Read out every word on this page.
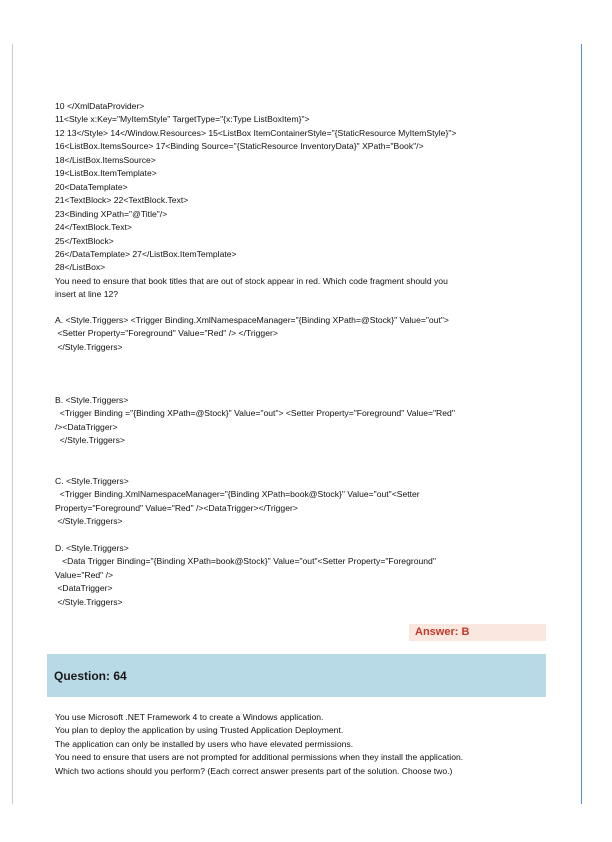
10 </XmlDataProvider>
11<Style x:Key="MyItemStyle" TargetType="{x:Type ListBoxItem}">
12 13</Style> 14</Window.Resources> 15<ListBox ItemContainerStyle="{StaticResource MyItemStyle}">
16<ListBox.ItemsSource> 17<Binding Source="{StaticResource InventoryData}" XPath="Book"/>
18</ListBox.ItemsSource>
19<ListBox.ItemTemplate>
20<DataTemplate>
21<TextBlock> 22<TextBlock.Text>
23<Binding XPath="@Title"/>
24</TextBlock.Text>
25</TextBlock>
26</DataTemplate> 27</ListBox.ItemTemplate>
28</ListBox>
You need to ensure that book titles that are out of stock appear in red. Which code fragment should you
insert at line 12?
A. <Style.Triggers> <Trigger Binding.XmlNamespaceManager="{Binding XPath=@Stock}" Value="out">
<Setter Property="Foreground" Value="Red" /> </Trigger>
</Style.Triggers>
B. <Style.Triggers>
<Trigger Binding ="{Binding XPath=@Stock}" Value="out"> <Setter Property="Foreground" Value="Red"
/><DataTrigger>
</Style.Triggers>
C. <Style.Triggers>
<Trigger Binding.XmlNamespaceManager="{Binding XPath=book@Stock}" Value="out"<Setter
Property="Foreground" Value="Red" /><DataTrigger></Trigger>
</Style.Triggers>
D. <Style.Triggers>
<Data Trigger Binding="{Binding XPath=book@Stock}" Value="out"<Setter Property="Foreground"
Value="Red" />
<DataTrigger>
</Style.Triggers>
Answer: B
Question: 64
You use Microsoft .NET Framework 4 to create a Windows application.
You plan to deploy the application by using Trusted Application Deployment.
The application can only be installed by users who have elevated permissions.
You need to ensure that users are not prompted for additional permissions when they install the application.
Which two actions should you perform? (Each correct answer presents part of the solution. Choose two.)
